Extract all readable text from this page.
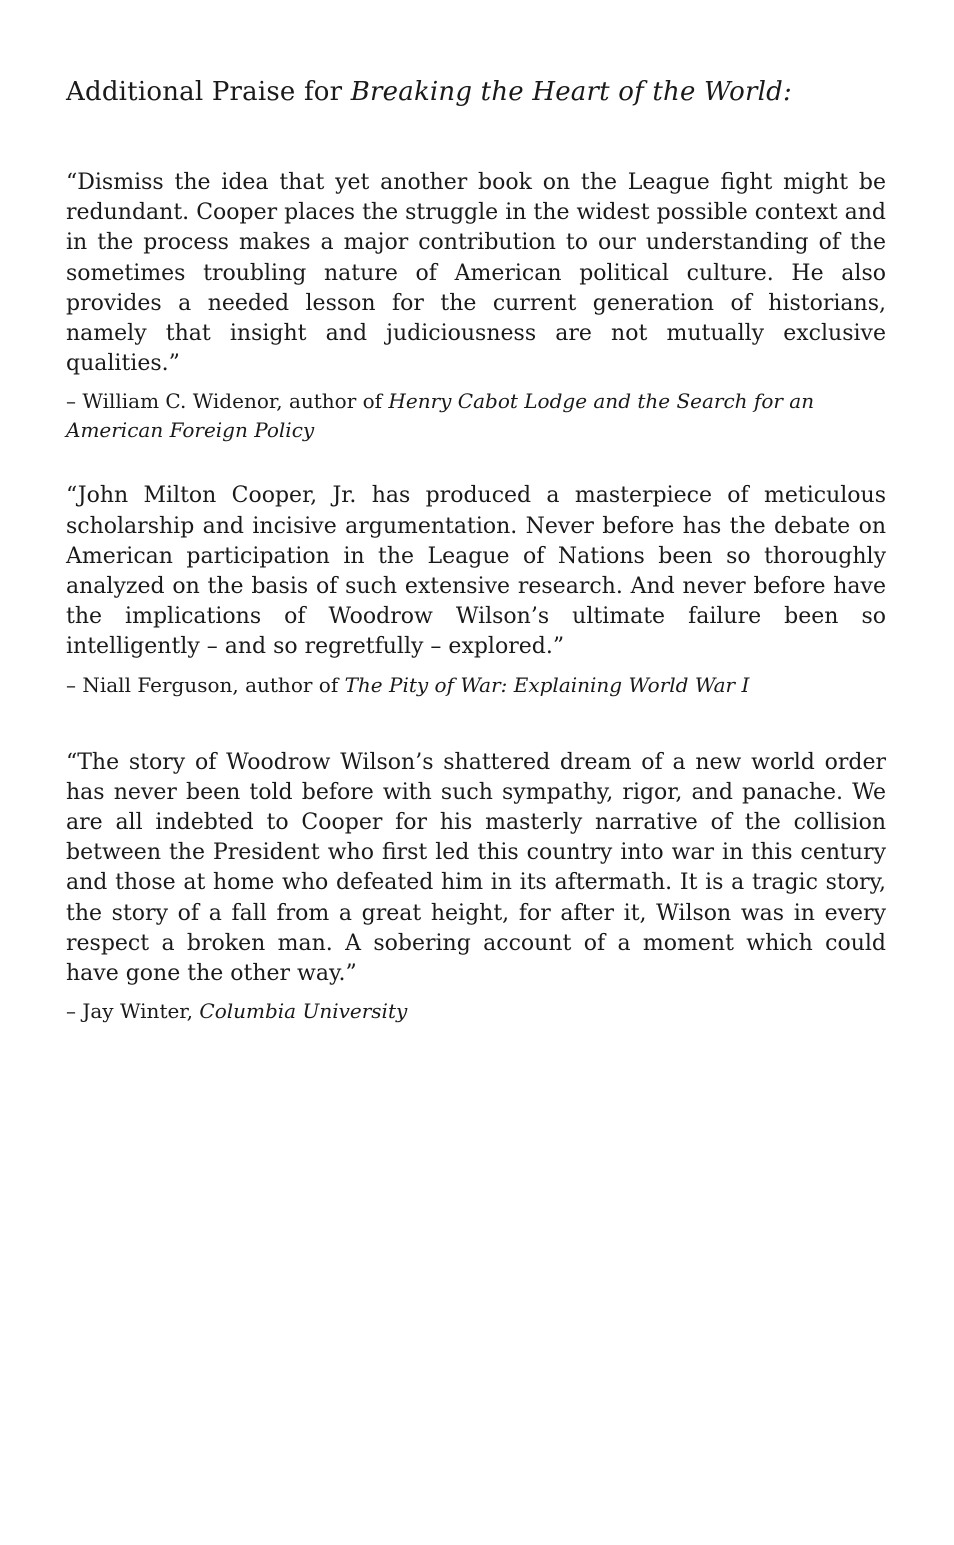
Additional Praise for Breaking the Heart of the World:

“Dismiss the idea that yet another book on the League fight might be redundant. Cooper places the struggle in the widest possible context and in the process makes a major contribution to our understanding of the sometimes troubling nature of American political culture. He also provides a needed lesson for the current generation of historians, namely that insight and judiciousness are not mutually exclusive qualities.”

– William C. Widenor, author of Henry Cabot Lodge and the Search for an American Foreign Policy

“John Milton Cooper, Jr. has produced a masterpiece of meticulous scholarship and incisive argumentation. Never before has the debate on American participation in the League of Nations been so thoroughly analyzed on the basis of such extensive research. And never before have the implications of Woodrow Wilson’s ultimate failure been so intelligently – and so regretfully – explored.”

– Niall Ferguson, author of The Pity of War: Explaining World War I

“The story of Woodrow Wilson’s shattered dream of a new world order has never been told before with such sympathy, rigor, and panache. We are all indebted to Cooper for his masterly narrative of the collision between the President who first led this country into war in this century and those at home who defeated him in its aftermath. It is a tragic story, the story of a fall from a great height, for after it, Wilson was in every respect a broken man. A sobering account of a moment which could have gone the other way.”

– Jay Winter, Columbia University
